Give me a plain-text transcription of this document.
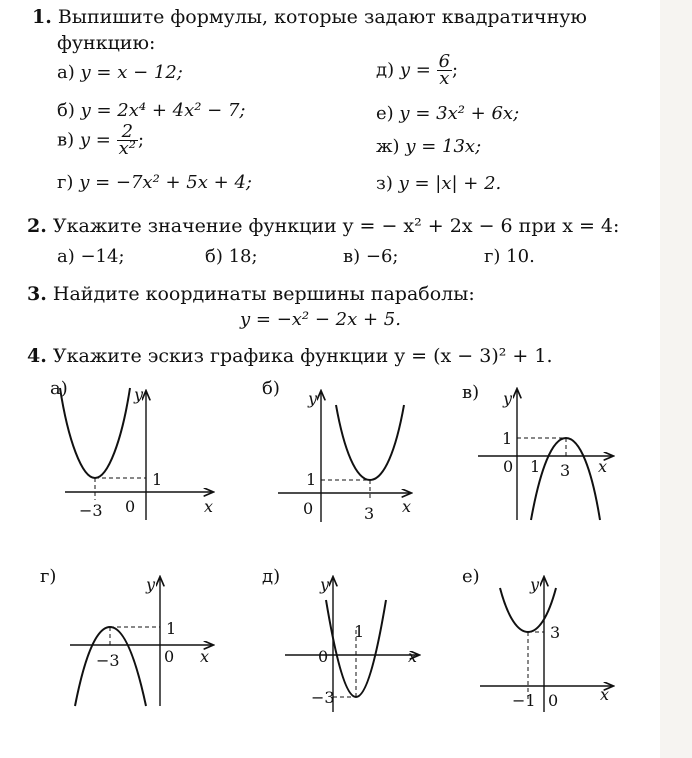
1. Выпишите формулы, которые задают квадратичную
функцию:
а) y = x − 12;
б) y = 2x⁴ + 4x² − 7;
в) $y = \frac{2}{\text{x²}}$ ;
г) y = −7x² + 5x + 4;
д) $y = \frac{6}{x}$ ;
е) y = 3x² + 6x;
ж) y = 13x;
з) y = |x| + 2.
2. Укажите значение функции y = − x² + 2x − 6 при x = 4:
а) −14;	б) 18;	в) −6;	г) 10.
3. Найдите координаты вершины параболы:
y = −x² − 2x + 5.
4. Укажите эскиз графика функции y = (x − 3)² + 1.
а)	б)	в)
г)	д)	е)
y
x
1
−3 0
y
x
1
0	3
y
x
1
0 1 3
y
x
1
−3	0
y
x
1
0
−3
y
x
3
−1 0
